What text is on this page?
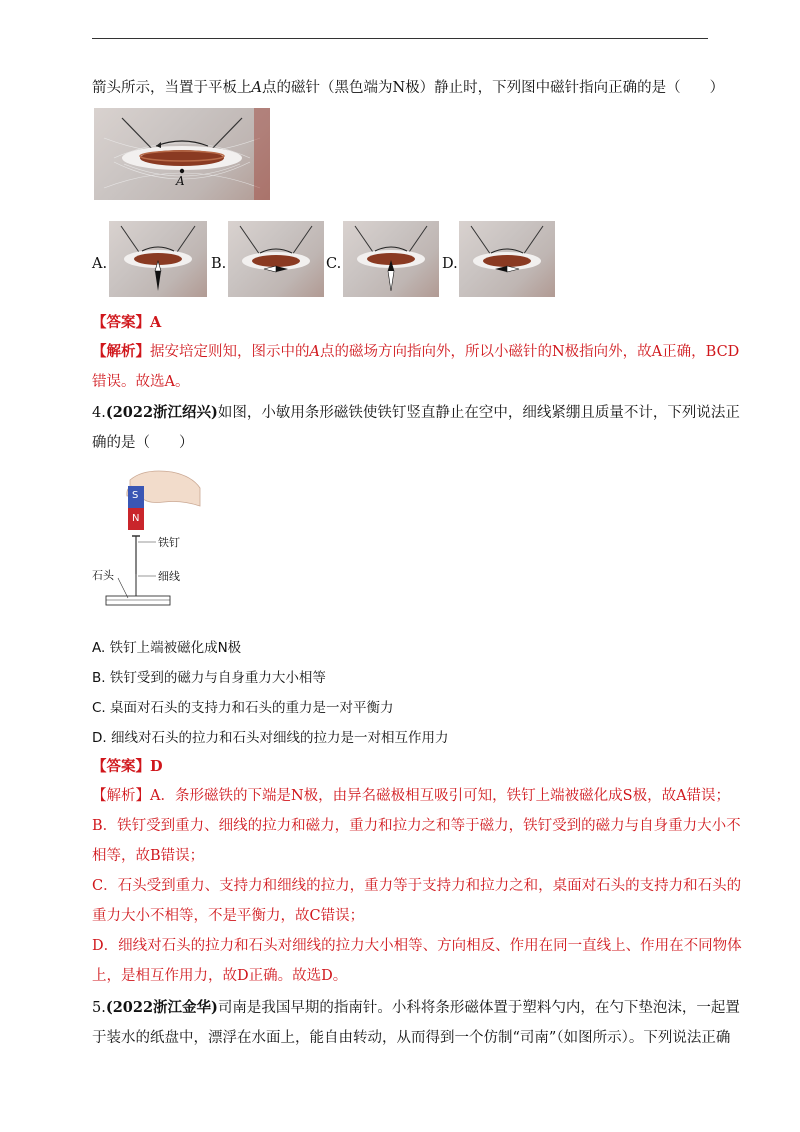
箭头所示，当置于平板上A点的磁针（黑色端为N极）静止时，下列图中磁针指向正确的是（　　）
A
A.	B.	C.	D.
【答案】A
【解析】据安培定则知，图示中的A点的磁场方向指向外，所以小磁针的N极指向外，故A正确，BCD
错误。故选A。
4.(2022浙江绍兴)如图，小敏用条形磁铁使铁钉竖直静止在空中，细线紧绷且质量不计，下列说法正
确的是（　　）
S
N
铁钉
细线
石头
A. 铁钉上端被磁化成N极
B. 铁钉受到的磁力与自身重力大小相等
C. 桌面对石头的支持力和石头的重力是一对平衡力
D. 细线对石头的拉力和石头对细线的拉力是一对相互作用力
【答案】D
【解析】A．条形磁铁的下端是N极，由异名磁极相互吸引可知，铁钉上端被磁化成S极，故A错误；
B．铁钉受到重力、细线的拉力和磁力，重力和拉力之和等于磁力，铁钉受到的磁力与自身重力大小不
相等，故B错误；
C．石头受到重力、支持力和细线的拉力，重力等于支持力和拉力之和，桌面对石头的支持力和石头的
重力大小不相等，不是平衡力，故C错误；
D．细线对石头的拉力和石头对细线的拉力大小相等、方向相反、作用在同一直线上、作用在不同物体
上，是相互作用力，故D正确。故选D。
5.(2022浙江金华)司南是我国早期的指南针。小科将条形磁体置于塑料勺内，在勺下垫泡沫，一起置
于装水的纸盘中，漂浮在水面上，能自由转动，从而得到一个仿制“司南”（如图所示）。下列说法正确
